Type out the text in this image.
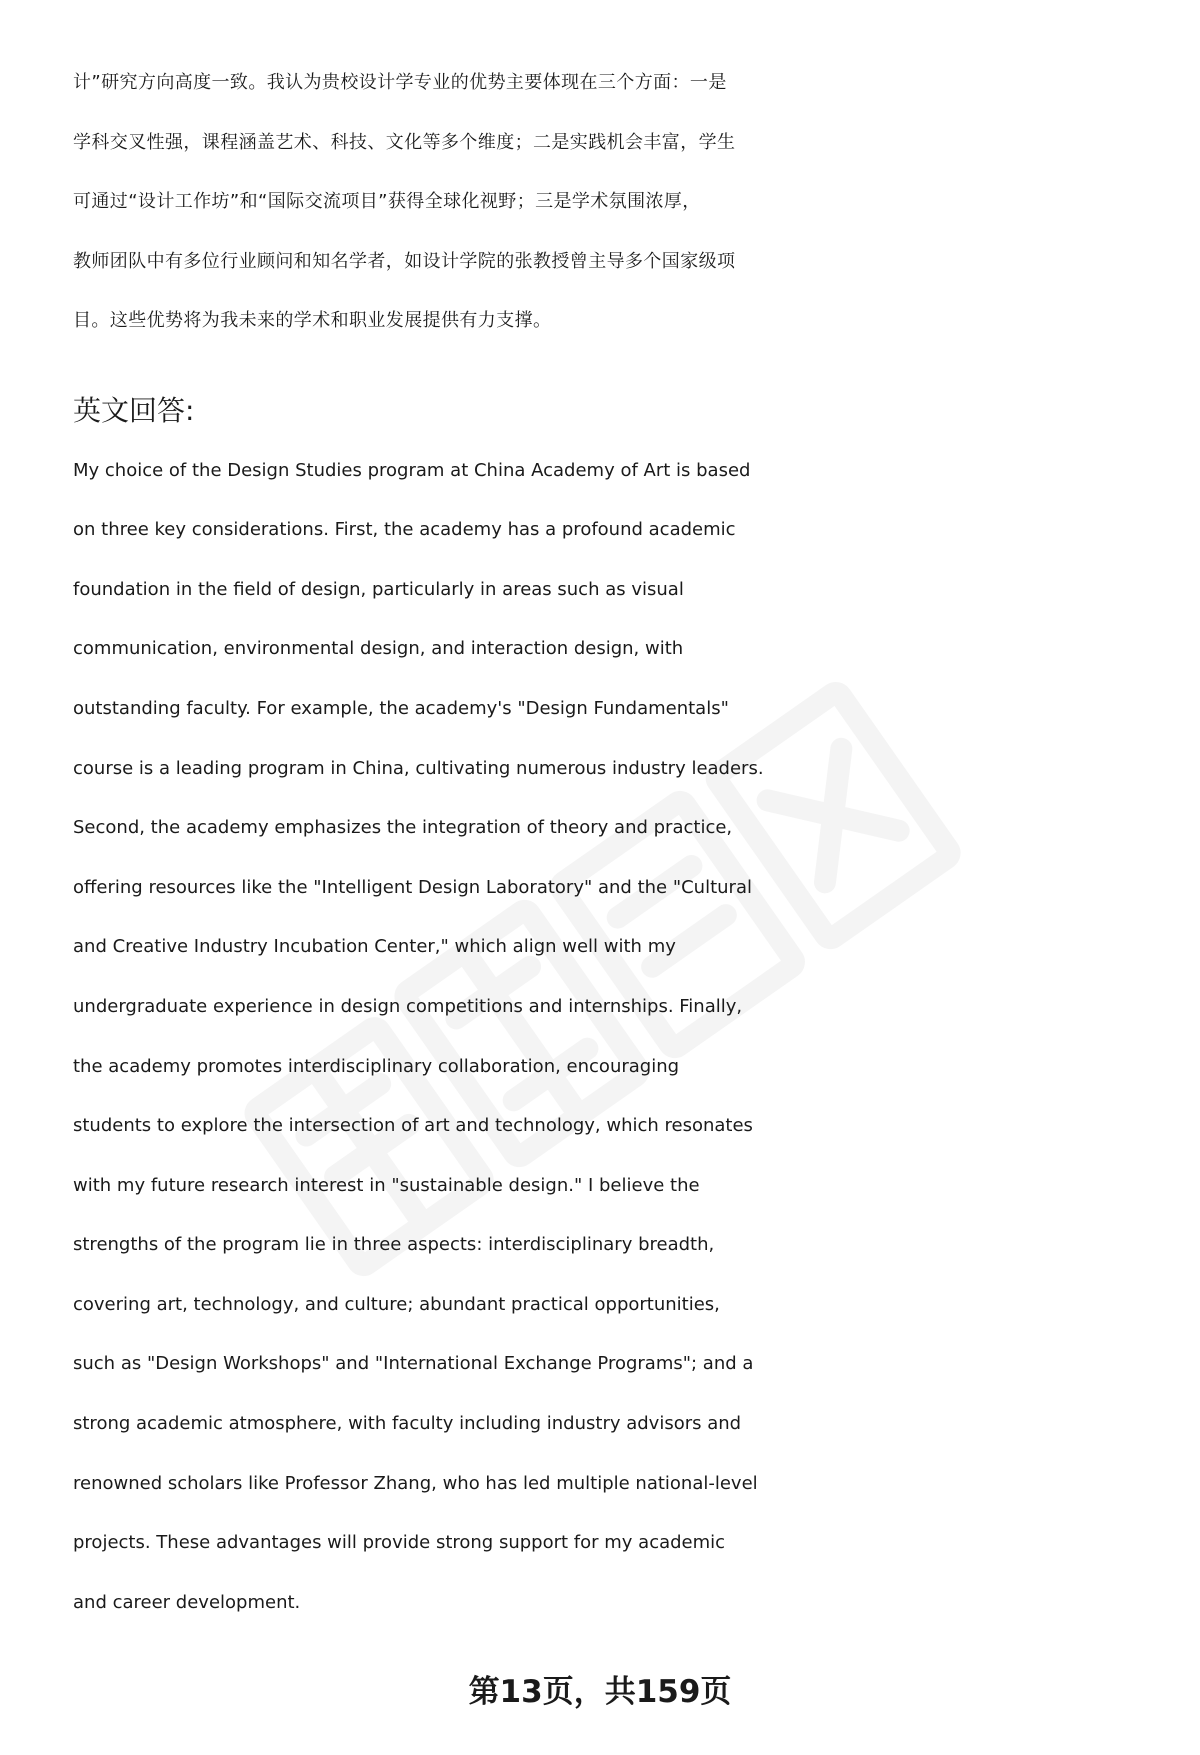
计”研究方向高度一致。我认为贵校设计学专业的优势主要体现在三个方面：一是
学科交叉性强，课程涵盖艺术、科技、文化等多个维度；二是实践机会丰富，学生
可通过“设计工作坊”和“国际交流项目”获得全球化视野；三是学术氛围浓厚，
教师团队中有多位行业顾问和知名学者，如设计学院的张教授曾主导多个国家级项
目。这些优势将为我未来的学术和职业发展提供有力支撑。
英文回答:
My choice of the Design Studies program at China Academy of Art is based
on three key considerations. First, the academy has a profound academic
foundation in the field of design, particularly in areas such as visual
communication, environmental design, and interaction design, with
outstanding faculty. For example, the academy's "Design Fundamentals"
course is a leading program in China, cultivating numerous industry leaders.
Second, the academy emphasizes the integration of theory and practice,
offering resources like the "Intelligent Design Laboratory" and the "Cultural
and Creative Industry Incubation Center," which align well with my
undergraduate experience in design competitions and internships. Finally,
the academy promotes interdisciplinary collaboration, encouraging
students to explore the intersection of art and technology, which resonates
with my future research interest in "sustainable design." I believe the
strengths of the program lie in three aspects: interdisciplinary breadth,
covering art, technology, and culture; abundant practical opportunities,
such as "Design Workshops" and "International Exchange Programs"; and a
strong academic atmosphere, with faculty including industry advisors and
renowned scholars like Professor Zhang, who has led multiple national-level
projects. These advantages will provide strong support for my academic
and career development.
第13页，共159页
